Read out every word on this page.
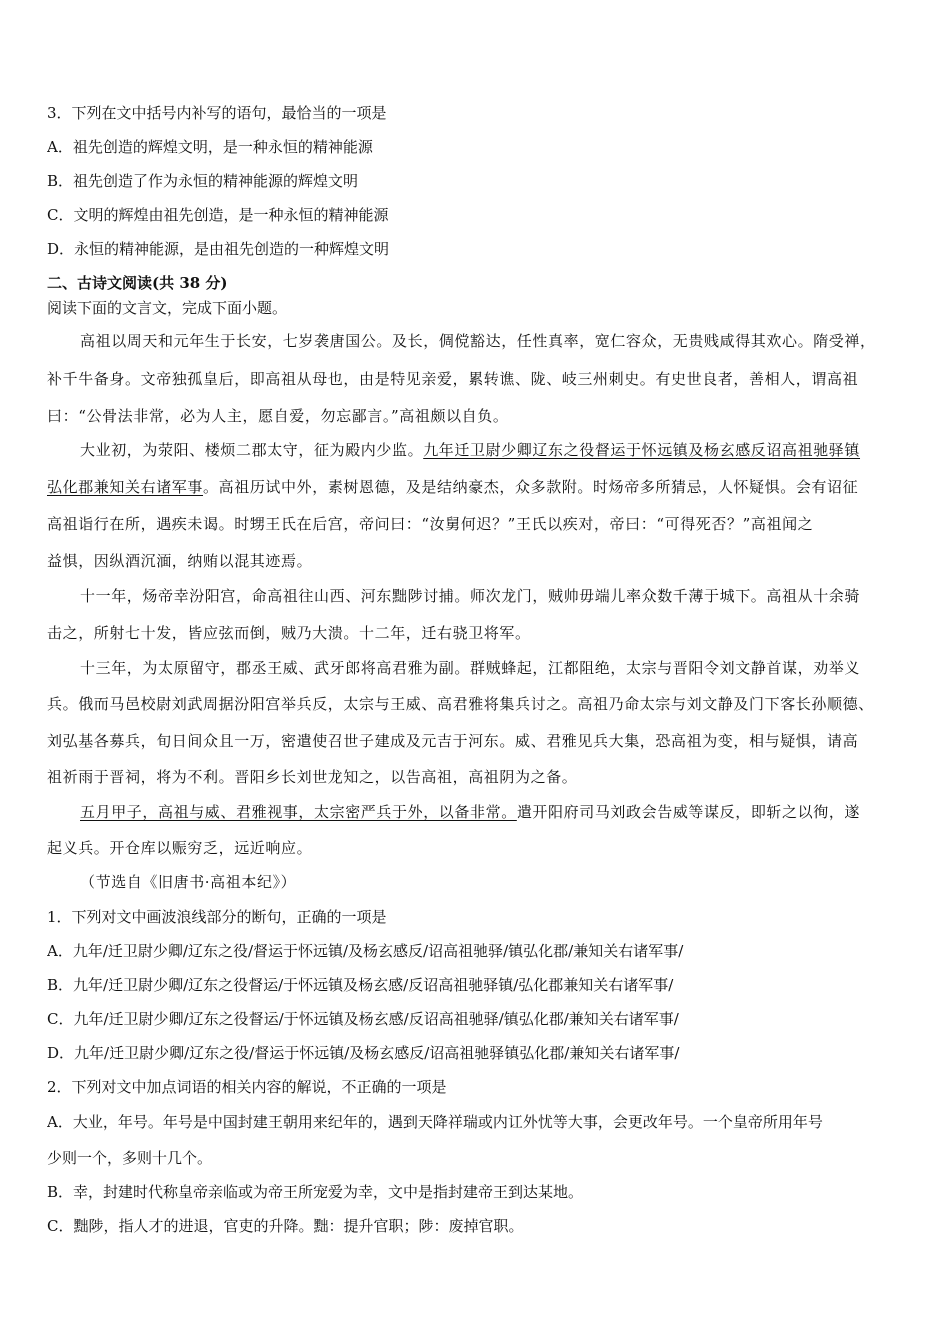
3．下列在文中括号内补写的语句，最恰当的一项是
A．祖先创造的辉煌文明，是一种永恒的精神能源
B．祖先创造了作为永恒的精神能源的辉煌文明
C．文明的辉煌由祖先创造，是一种永恒的精神能源
D．永恒的精神能源，是由祖先创造的一种辉煌文明
二、古诗文阅读(共 38 分)
阅读下面的文言文，完成下面小题。
高祖以周天和元年生于长安，七岁袭唐国公。及长，倜傥豁达，任性真率，宽仁容众，无贵贱咸得其欢心。隋受禅，
补千牛备身。文帝独孤皇后，即高祖从母也，由是特见亲爱，累转谯、陇、岐三州刺史。有史世良者，善相人，谓高祖
曰：“公骨法非常，必为人主，愿自爱，勿忘鄙言。”高祖颇以自负。
大业初，为荥阳、楼烦二郡太守，征为殿内少监。九年迁卫尉少卿辽东之役督运于怀远镇及杨玄感反诏高祖驰驿镇
弘化郡兼知关右诸军事。高祖历试中外，素树恩德，及是结纳豪杰，众多款附。时炀帝多所猜忌，人怀疑惧。会有诏征
高祖诣行在所，遇疾未谒。时甥王氏在后宫，帝问曰：“汝舅何迟？”王氏以疾对，帝曰：“可得死否？”高祖闻之
益惧，因纵酒沉湎，纳贿以混其迹焉。
十一年，炀帝幸汾阳宫，命高祖往山西、河东黜陟讨捕。师次龙门，贼帅毋端儿率众数千薄于城下。高祖从十余骑
击之，所射七十发，皆应弦而倒，贼乃大溃。十二年，迁右骁卫将军。
十三年，为太原留守，郡丞王威、武牙郎将高君雅为副。群贼蜂起，江都阻绝，太宗与晋阳令刘文静首谋，劝举义
兵。俄而马邑校尉刘武周据汾阳宫举兵反，太宗与王威、高君雅将集兵讨之。高祖乃命太宗与刘文静及门下客长孙顺德、
刘弘基各募兵，旬日间众且一万，密遣使召世子建成及元吉于河东。威、君雅见兵大集，恐高祖为变，相与疑惧，请高
祖祈雨于晋祠，将为不利。晋阳乡长刘世龙知之，以告高祖，高祖阴为之备。
五月甲子，高祖与威、君雅视事，太宗密严兵于外，以备非常。遣开阳府司马刘政会告威等谋反，即斩之以徇，遂
起义兵。开仓库以赈穷乏，远近响应。
（节选自《旧唐书·高祖本纪》）
1．下列对文中画波浪线部分的断句，正确的一项是
A．九年/迁卫尉少卿/辽东之役/督运于怀远镇/及杨玄感反/诏高祖驰驿/镇弘化郡/兼知关右诸军事/
B．九年/迁卫尉少卿/辽东之役督运/于怀远镇及杨玄感/反诏高祖驰驿镇/弘化郡兼知关右诸军事/
C．九年/迁卫尉少卿/辽东之役督运/于怀远镇及杨玄感/反诏高祖驰驿/镇弘化郡/兼知关右诸军事/
D．九年/迁卫尉少卿/辽东之役/督运于怀远镇/及杨玄感反/诏高祖驰驿镇弘化郡/兼知关右诸军事/
2．下列对文中加点词语的相关内容的解说，不正确的一项是
A．大业，年号。年号是中国封建王朝用来纪年的，遇到天降祥瑞或内讧外忧等大事，会更改年号。一个皇帝所用年号
少则一个，多则十几个。
B．幸，封建时代称皇帝亲临或为帝王所宠爱为幸，文中是指封建帝王到达某地。
C．黜陟，指人才的进退，官吏的升降。黜：提升官职；陟：废掉官职。
